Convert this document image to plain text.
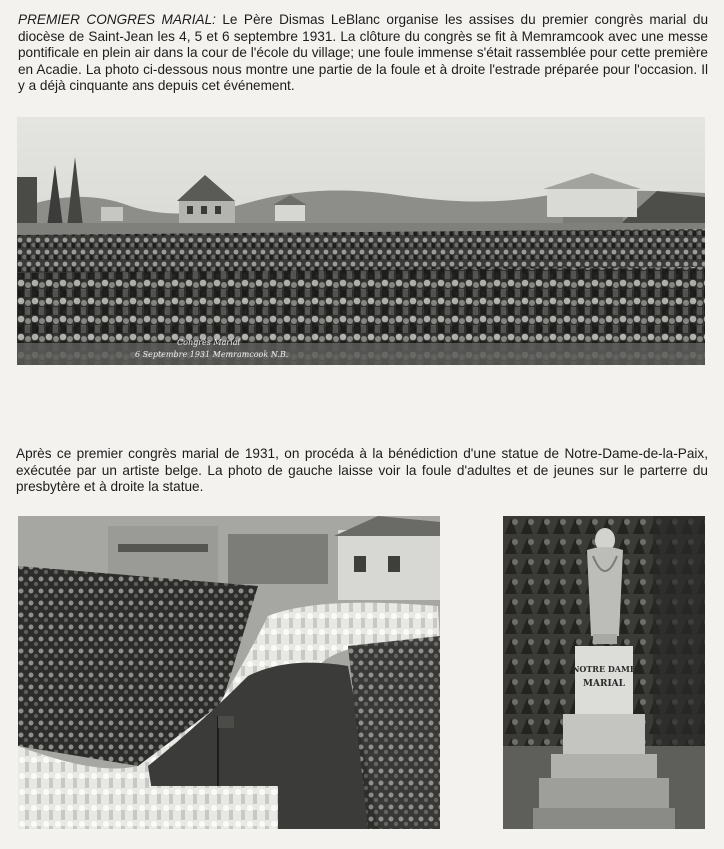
PREMIER CONGRES MARIAL: Le Père Dismas LeBlanc organise les assises du premier congrès marial du diocèse de Saint-Jean les 4, 5 et 6 septembre 1931. La clôture du congrès se fit à Memramcook avec une messe pontificale en plein air dans la cour de l'école du village; une foule immense s'était rassemblée pour cette première en Acadie. La photo ci-dessous nous montre une partie de la foule et à droite l'estrade préparée pour l'occasion. Il y a déjà cinquante ans depuis cet événement.

Congrès Marial
6 Septembre 1931 Memramcook N.B.

Après ce premier congrès marial de 1931, on procéda à la bénédiction d'une statue de Notre-Dame-de-la-Paix, exécutée par un artiste belge. La photo de gauche laisse voir la foule d'adultes et de jeunes sur le parterre du presbytère et à droite la statue.

NOTRE DAME
MARIAL
